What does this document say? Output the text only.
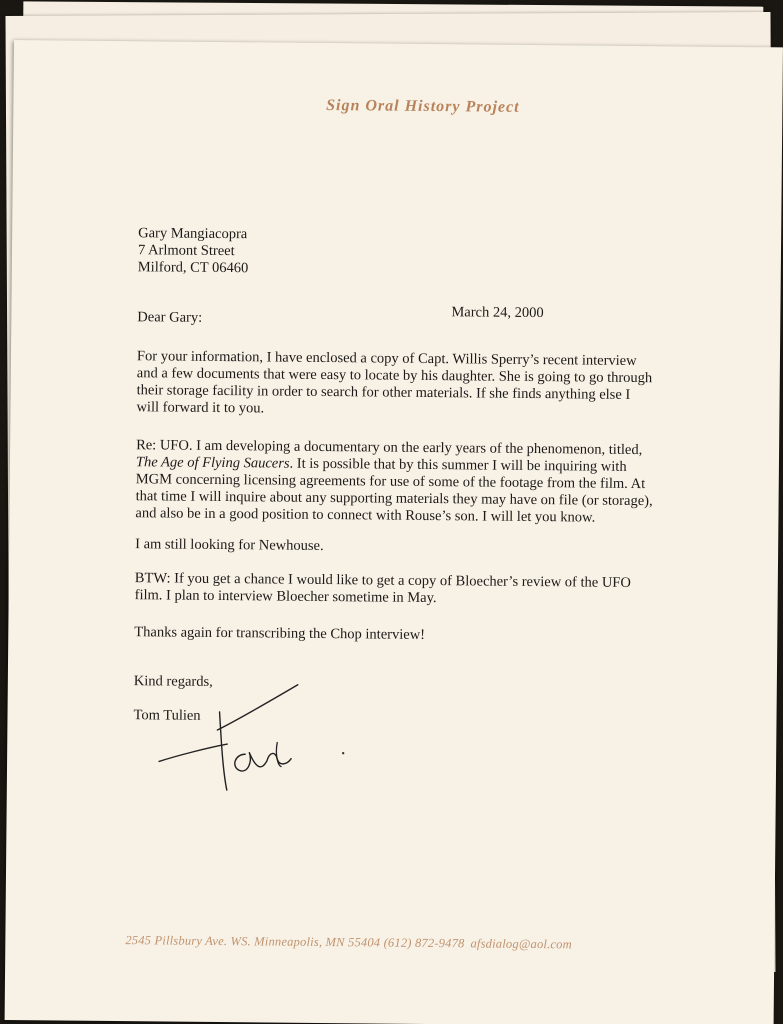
Sign Oral History Project
Gary Mangiacopra
7 Arlmont Street
Milford, CT 06460
March 24, 2000
Dear Gary:
For your information, I have enclosed a copy of Capt. Willis Sperry’s recent interview
and a few documents that were easy to locate by his daughter. She is going to go through
their storage facility in order to search for other materials. If she finds anything else I
will forward it to you.
Re: UFO. I am developing a documentary on the early years of the phenomenon, titled,
The Age of Flying Saucers. It is possible that by this summer I will be inquiring with
MGM concerning licensing agreements for use of some of the footage from the film. At
that time I will inquire about any supporting materials they may have on file (or storage),
and also be in a good position to connect with Rouse’s son. I will let you know.
I am still looking for Newhouse.
BTW: If you get a chance I would like to get a copy of Bloecher’s review of the UFO
film. I plan to interview Bloecher sometime in May.
Thanks again for transcribing the Chop interview!
Kind regards,
Tom Tulien
2545 Pillsbury Ave. WS. Minneapolis, MN 55404 (612) 872-9478 afsdialog@aol.com
